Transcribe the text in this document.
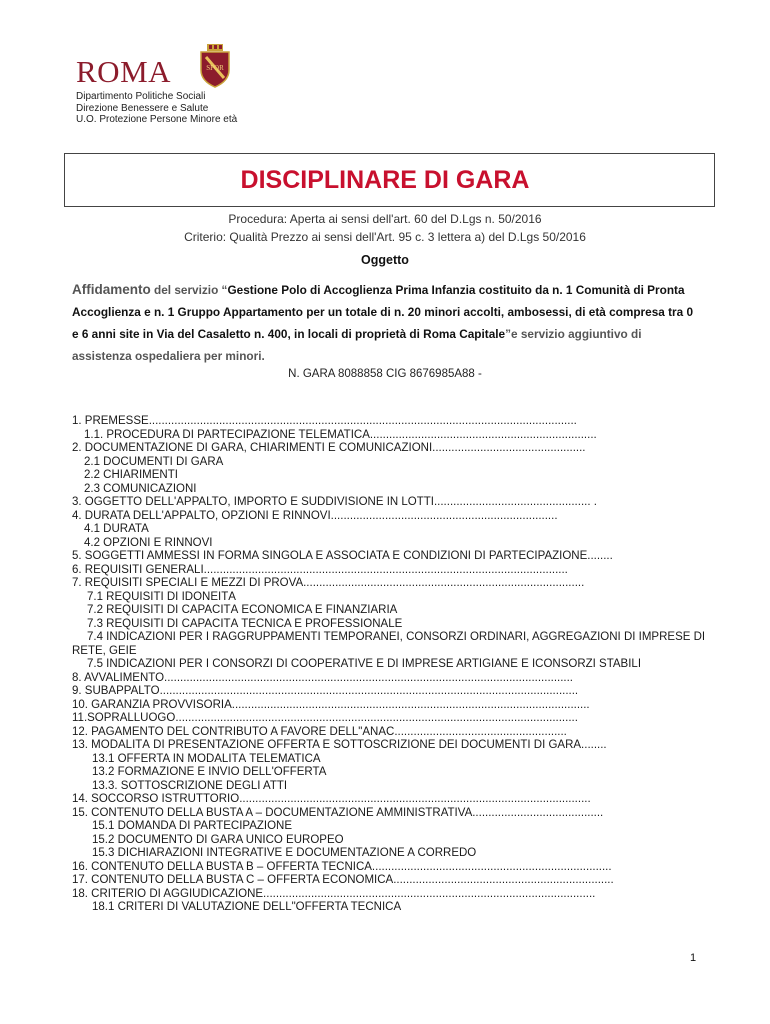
ROMA	SPQR
Dipartimento Politiche Sociali
Direzione Benessere e Salute
U.O. Protezione Persone Minore età
DISCIPLINARE DI GARA
Procedura: Aperta ai sensi dell'art. 60 del D.Lgs n. 50/2016
Criterio: Qualità Prezzo ai sensi dell'Art. 95 c. 3 lettera a) del D.Lgs 50/2016
Oggetto
Affidamento del servizio “Gestione Polo di Accoglienza Prima Infanzia costituito da n. 1 Comunità di Pronta Accoglienza e n. 1 Gruppo Appartamento per un totale di n. 20 minori accolti, ambosessi, di età compresa tra 0 e 6 anni site in Via del Casaletto n. 400, in locali di proprietà di Roma Capitale”e servizio aggiuntivo di assistenza ospedaliera per minori.
N. GARA 8088858 CIG 8676985A88 -
1. PREMESSE......................................................................................................................................
1.1. PROCEDURA DI PARTECIPAZIONE TELEMATICA.......................................................................
2. DOCUMENTAZIONE DI GARA, CHIARIMENTI E COMUNICAZIONI................................................
2.1 DOCUMENTI DI GARA
2.2 CHIARIMENTI
2.3 COMUNICAZIONI
3. OGGETTO DELL'APPALTO, IMPORTO E SUDDIVISIONE IN LOTTI................................................. .
4. DURATA DELL'APPALTO, OPZIONI E RINNOVI.......................................................................
4.1 DURATA
4.2 OPZIONI E RINNOVI
5. SOGGETTI AMMESSI IN FORMA SINGOLA E ASSOCIATA E CONDIZIONI DI PARTECIPAZIONE........
6. REQUISITI GENERALI..................................................................................................................
7. REQUISITI SPECIALI E MEZZI DI PROVA........................................................................................
7.1 REQUISITI DI IDONEITÀ
7.2 REQUISITI DI CAPACITÀ ECONOMICA E FINANZIARIA
7.3 REQUISITI DI CAPACITÀ TECNICA E PROFESSIONALE
7.4 INDICAZIONI PER I RAGGRUPPAMENTI TEMPORANEI, CONSORZI ORDINARI, AGGREGAZIONI DI IMPRESE DI RETE, GEIE
7.5 INDICAZIONI PER I CONSORZI DI COOPERATIVE E DI IMPRESE ARTIGIANE E ICONSORZI STABILI
8. AVVALIMENTO................................................................................................................................
9. SUBAPPALTO...................................................................................................................................
10. GARANZIA PROVVISORIA................................................................................................................
11.SOPRALLUOGO..............................................................................................................................
12. PAGAMENTO DEL CONTRIBUTO A FAVORE DELL"ANAC......................................................
13. MODALITÀ DI PRESENTAZIONE OFFERTA E SOTTOSCRIZIONE DEI DOCUMENTI DI GARA........
13.1 OFFERTA IN MODALITÀ TELEMATICA
13.2 FORMAZIONE E INVIO DELL'OFFERTA
13.3. SOTTOSCRIZIONE DEGLI ATTI
14. SOCCORSO ISTRUTTORIO..............................................................................................................
15. CONTENUTO DELLA BUSTA A – DOCUMENTAZIONE AMMINISTRATIVA.........................................
15.1 DOMANDA DI PARTECIPAZIONE
15.2 DOCUMENTO DI GARA UNICO EUROPEO
15.3 DICHIARAZIONI INTEGRATIVE E DOCUMENTAZIONE A CORREDO
16. CONTENUTO DELLA BUSTA B – OFFERTA TECNICA...........................................................................
17. CONTENUTO DELLA BUSTA C – OFFERTA ECONOMICA.....................................................................
18. CRITERIO DI AGGIUDICAZIONE........................................................................................................
18.1 CRITERI DI VALUTAZIONE DELL"OFFERTA TECNICA
1
